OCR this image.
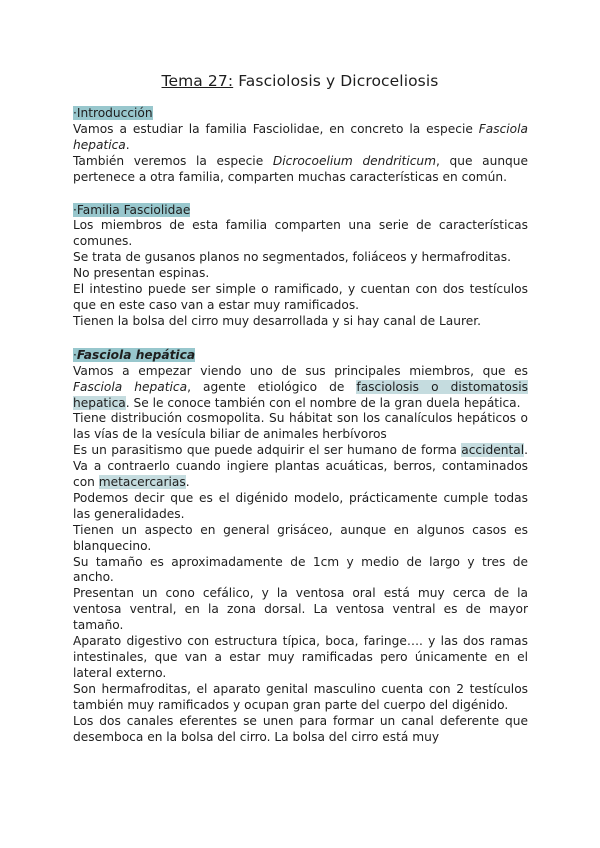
Tema 27: Fasciolosis y Dicroceliosis

·Introducción

Vamos a estudiar la familia Fasciolidae, en concreto la especie Fasciola hepatica.

También veremos la especie Dicrocoelium dendriticum, que aunque pertenece a otra familia, comparten muchas características en común.

·Familia Fasciolidae

Los miembros de esta familia comparten una serie de características comunes.

Se trata de gusanos planos no segmentados, foliáceos y hermafroditas.

No presentan espinas.

El intestino puede ser simple o ramificado, y cuentan con dos testículos que en este caso van a estar muy ramificados.

Tienen la bolsa del cirro muy desarrollada y si hay canal de Laurer.

·Fasciola hepática

Vamos a empezar viendo uno de sus principales miembros, que es Fasciola hepatica, agente etiológico de fasciolosis o distomatosis hepatica. Se le conoce también con el nombre de la gran duela hepática.

Tiene distribución cosmopolita. Su hábitat son los canalículos hepáticos o las vías de la vesícula biliar de animales herbívoros

Es un parasitismo que puede adquirir el ser humano de forma accidental. Va a contraerlo cuando ingiere plantas acuáticas, berros, contaminados con metacercarias.

Podemos decir que es el digénido modelo, prácticamente cumple todas las generalidades.

Tienen un aspecto en general grisáceo, aunque en algunos casos es blanquecino.

Su tamaño es aproximadamente de 1cm y medio de largo y tres de ancho.

Presentan un cono cefálico, y la ventosa oral está muy cerca de la ventosa ventral, en la zona dorsal. La ventosa ventral es de mayor tamaño.

Aparato digestivo con estructura típica, boca, faringe…. y las dos ramas intestinales, que van a estar muy ramificadas pero únicamente en el lateral externo.

Son hermafroditas, el aparato genital masculino cuenta con 2 testículos también muy ramificados y ocupan gran parte del cuerpo del digénido.

Los dos canales eferentes se unen para formar un canal deferente que desemboca en la bolsa del cirro. La bolsa del cirro está muy
